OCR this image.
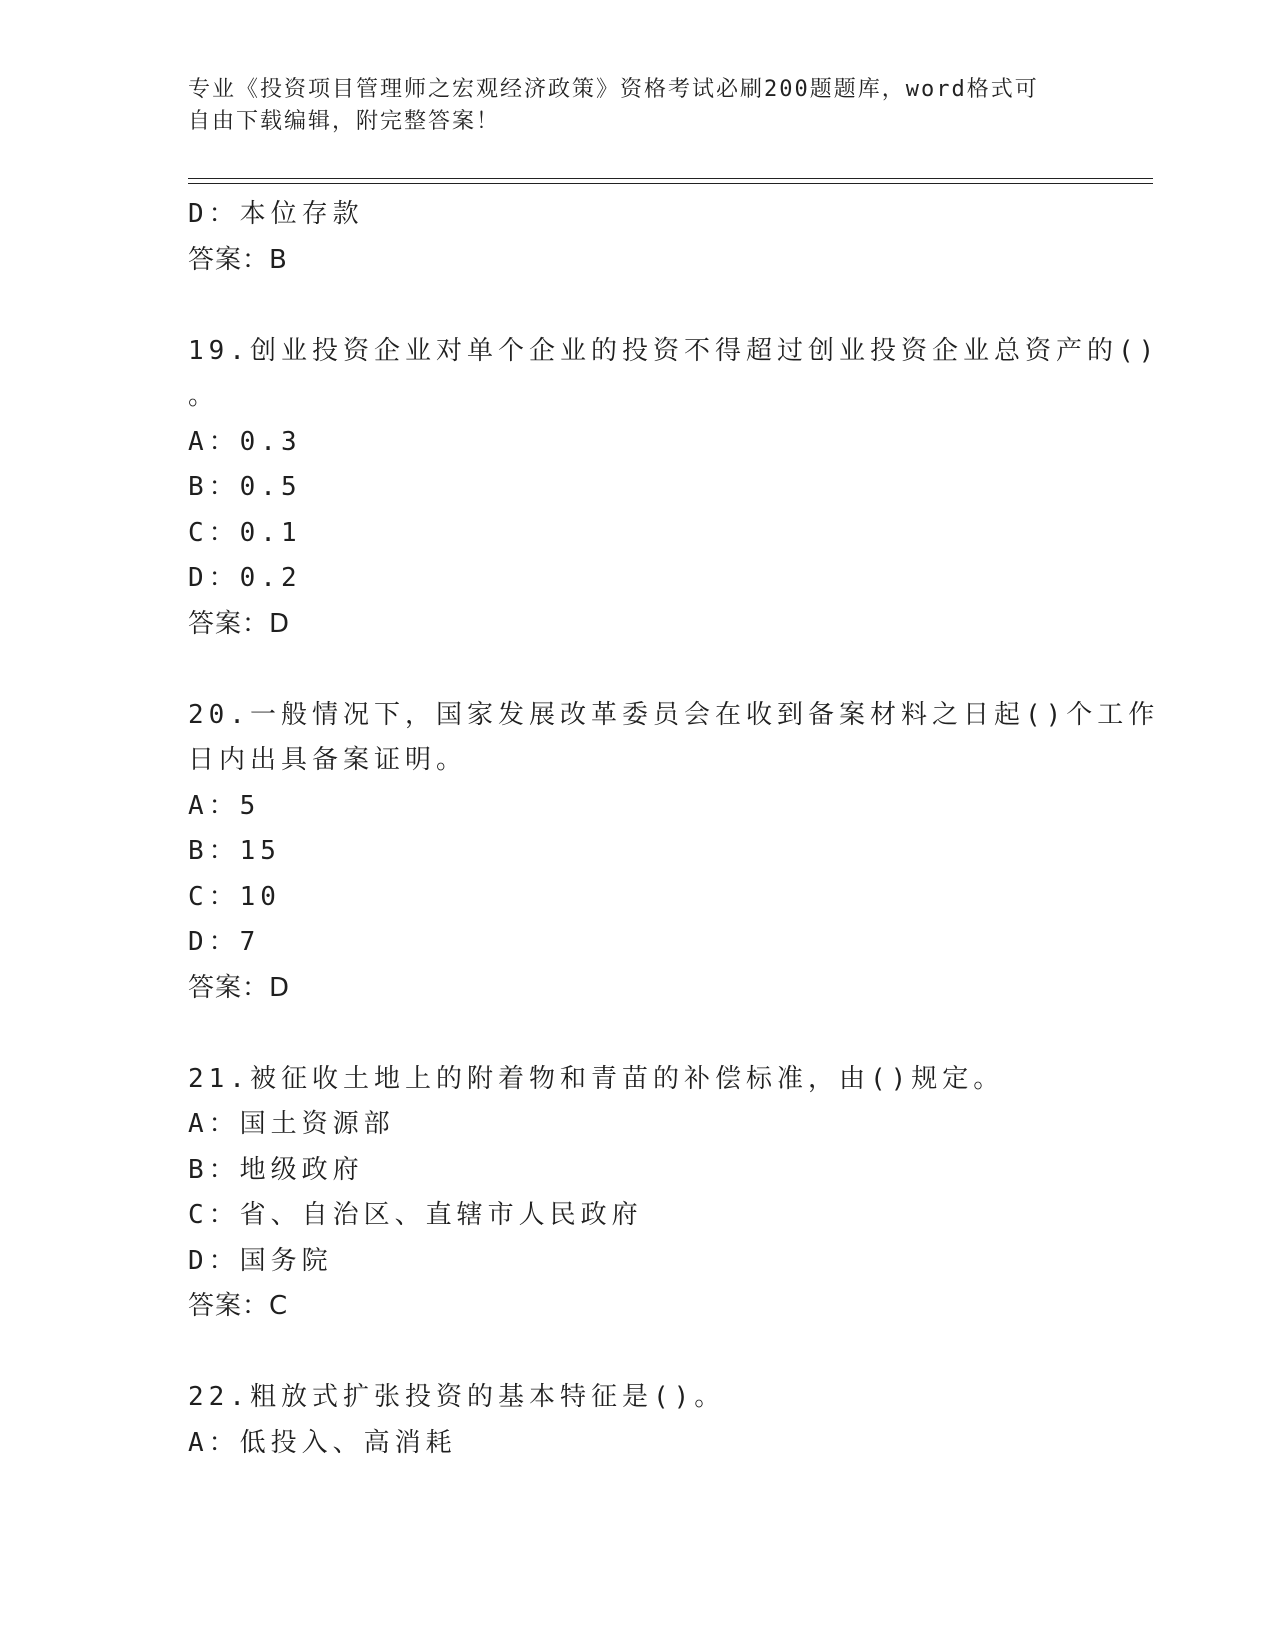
专业《投资项目管理师之宏观经济政策》资格考试必刷200题题库，word格式可
自由下载编辑，附完整答案！
D：本位存款
答案：B
19.创业投资企业对单个企业的投资不得超过创业投资企业总资产的()
。
A：0.3
B：0.5
C：0.1
D：0.2
答案：D
20.一般情况下，国家发展改革委员会在收到备案材料之日起()个工作
日内出具备案证明。
A：5
B：15
C：10
D：7
答案：D
21.被征收土地上的附着物和青苗的补偿标准，由()规定。
A：国土资源部
B：地级政府
C：省、自治区、直辖市人民政府
D：国务院
答案：C
22.粗放式扩张投资的基本特征是()。
A：低投入、高消耗
